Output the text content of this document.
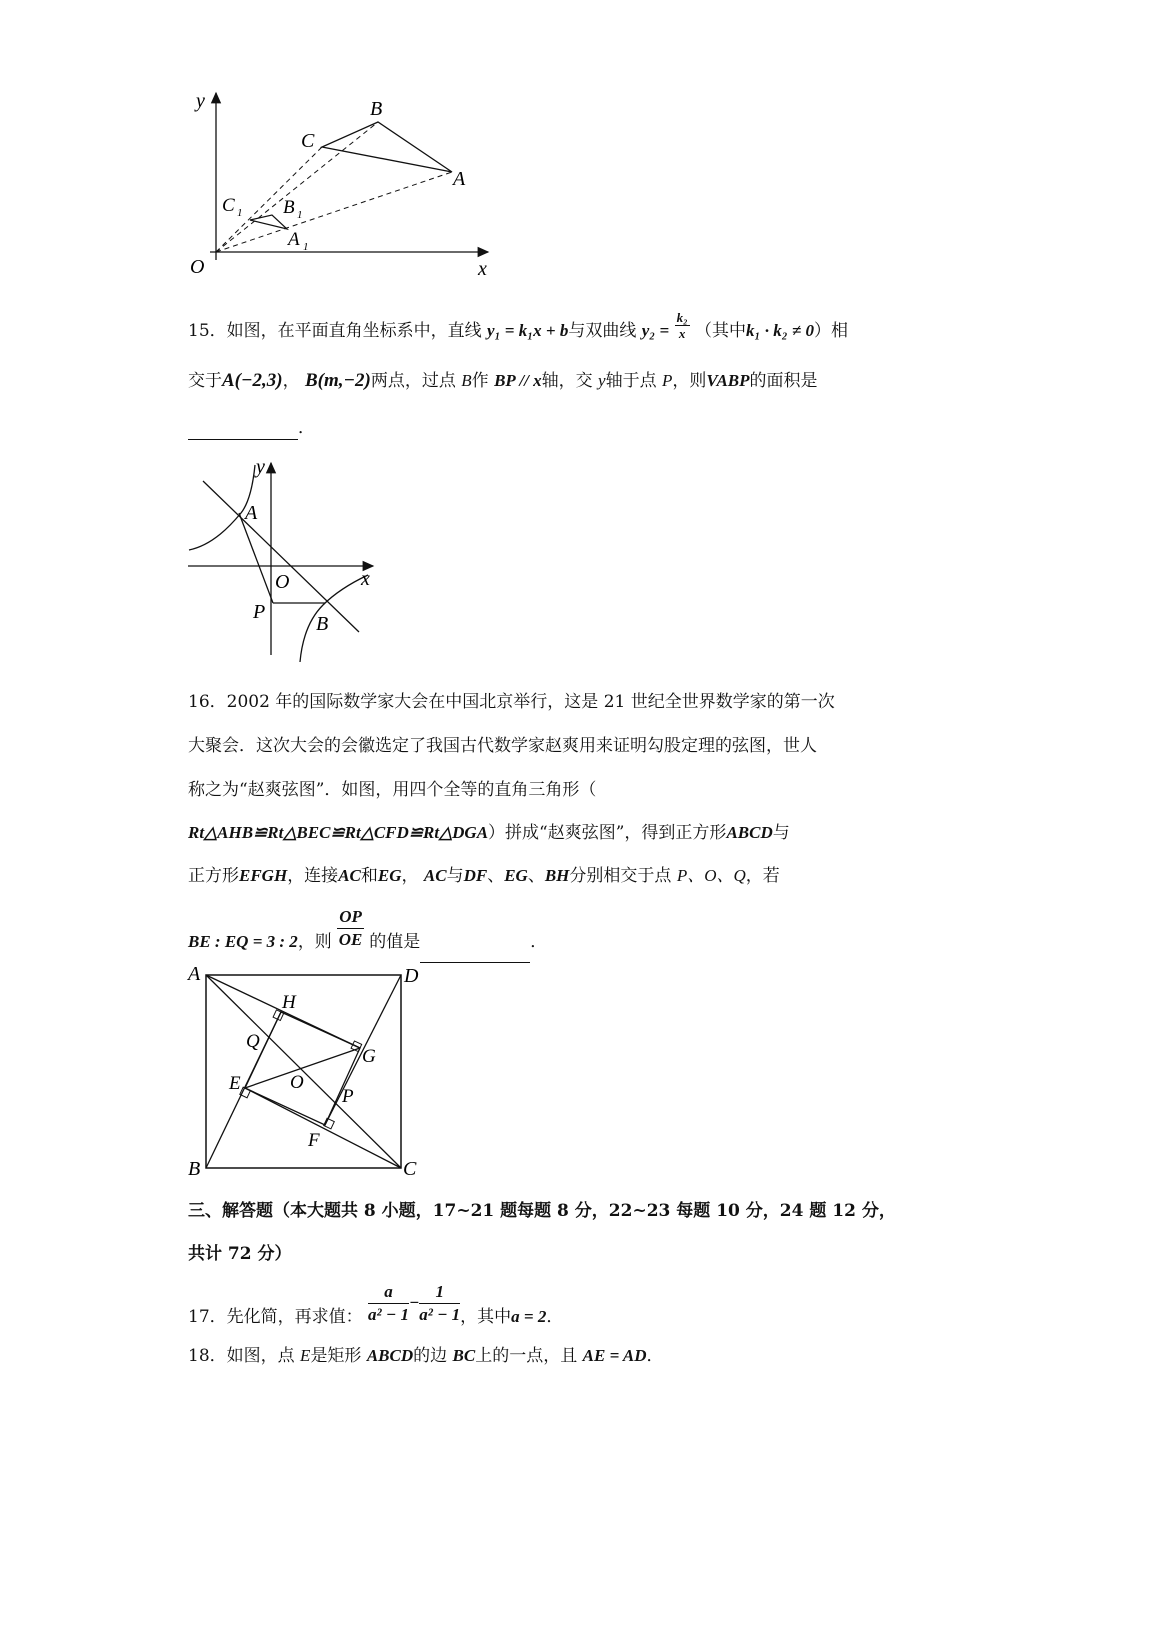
y
x
O
B
C
A
C 1 B 1
A 1
15．如图，在平面直角坐标系中，直线 y₁ = k₁x + b与双曲线 $y_2 = \frac{\text{k₂}}{x}$ （其中k₁ · k₂ ≠ 0）相
交于A(−2,3)， B(m,−2)两点，过点 B作 BP // x轴，交 y轴于点 P，则VABP的面积是
．
y
x
A
O
P
B
16．2002 年的国际数学家大会在中国北京举行，这是 21 世纪全世界数学家的第一次
大聚会．这次大会的会徽选定了我国古代数学家赵爽用来证明勾股定理的弦图，世人
称之为“赵爽弦图”．如图，用四个全等的直角三角形（
Rt△AHB≌Rt△BEC≌Rt△CFD≌Rt△DGA）拼成“赵爽弦图”，得到正方形ABCD与
正方形EFGH，连接AC和EG， AC与DF、EG、BH分别相交于点 P、O、Q，若
BE : EQ = 3 : 2，则 $\frac{OP}{OE}$ 的值是	．
A	D
B	C
H
G
Q
E	O
P
F
三、解答题（本大题共 8 小题，17~21 题每题 8 分，22~23 每题 10 分，24 题 12 分，
共计 72 分）
17．先化简，再求值： $\frac{a}{\text{a² − 1}} - \frac{1}{\text{a² − 1}}$ ，其中a = 2．
18．如图，点 E是矩形 ABCD的边 BC上的一点，且 AE = AD．
